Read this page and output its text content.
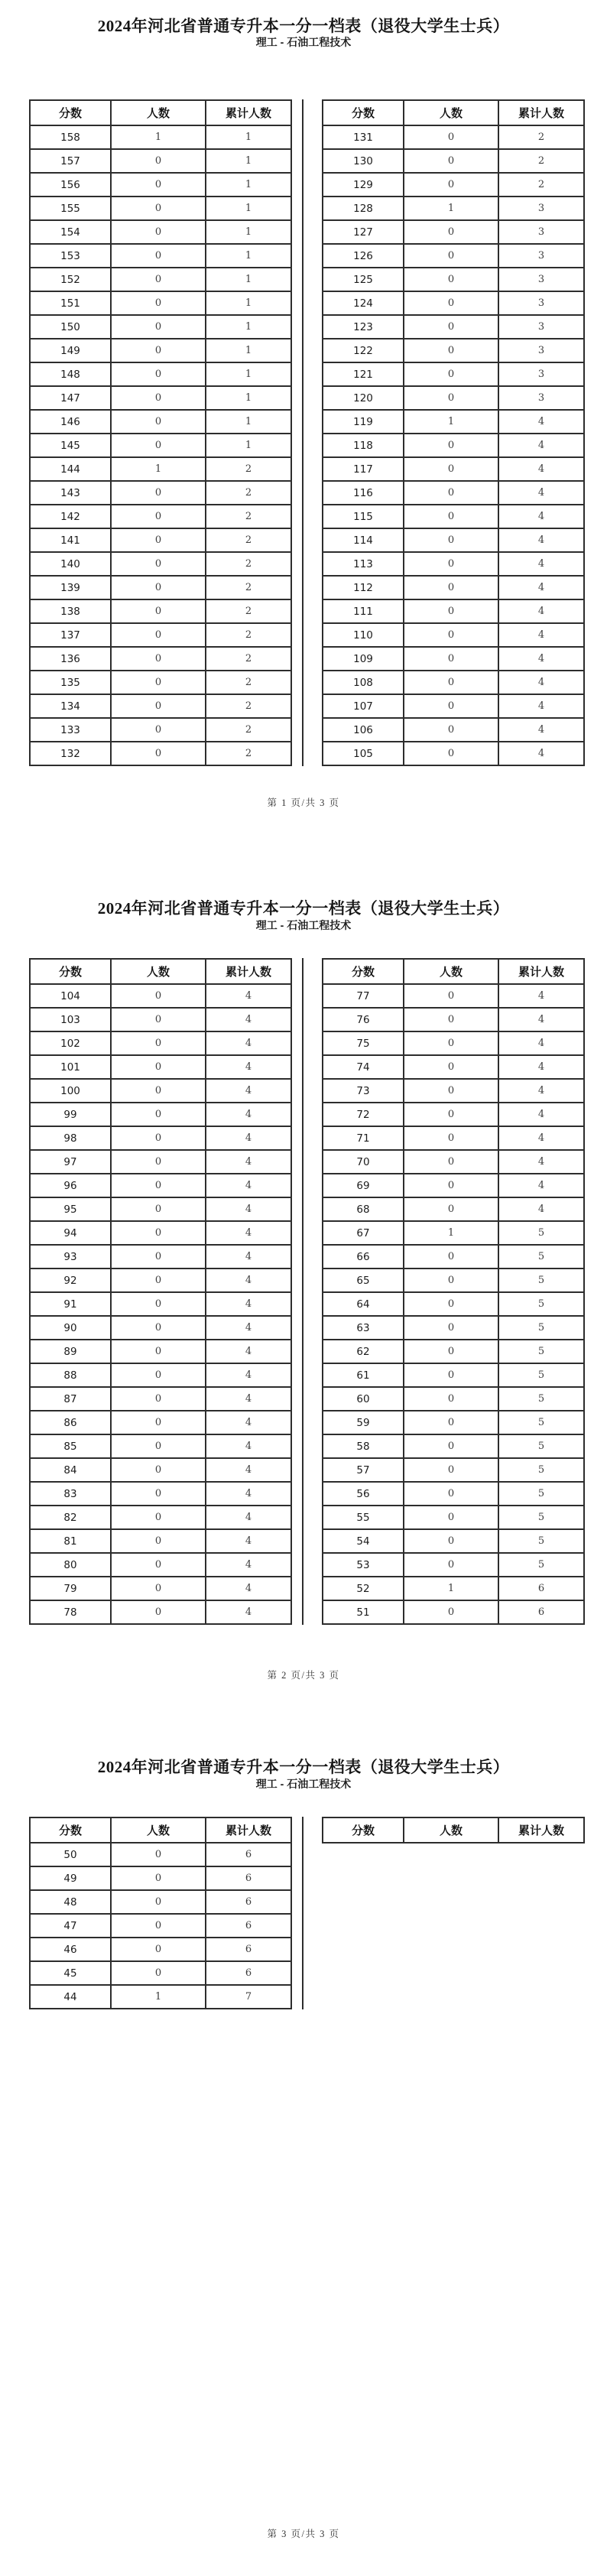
2024年河北省普通专升本一分一档表（退役大学生士兵）
理工 - 石油工程技术
分数	人数	累计人数
158	1	1
157	0	1
156	0	1
155	0	1
154	0	1
153	0	1
152	0	1
151	0	1
150	0	1
149	0	1
148	0	1
147	0	1
146	0	1
145	0	1
144	1	2
143	0	2
142	0	2
141	0	2
140	0	2
139	0	2
138	0	2
137	0	2
136	0	2
135	0	2
134	0	2
133	0	2
132	0	2
分数	人数	累计人数
131	0	2
130	0	2
129	0	2
128	1	3
127	0	3
126	0	3
125	0	3
124	0	3
123	0	3
122	0	3
121	0	3
120	0	3
119	1	4
118	0	4
117	0	4
116	0	4
115	0	4
114	0	4
113	0	4
112	0	4
111	0	4
110	0	4
109	0	4
108	0	4
107	0	4
106	0	4
105	0	4
第 1 页/共 3 页
2024年河北省普通专升本一分一档表（退役大学生士兵）
理工 - 石油工程技术
分数	人数	累计人数
104	0	4
103	0	4
102	0	4
101	0	4
100	0	4
99	0	4
98	0	4
97	0	4
96	0	4
95	0	4
94	0	4
93	0	4
92	0	4
91	0	4
90	0	4
89	0	4
88	0	4
87	0	4
86	0	4
85	0	4
84	0	4
83	0	4
82	0	4
81	0	4
80	0	4
79	0	4
78	0	4
分数	人数	累计人数
77	0	4
76	0	4
75	0	4
74	0	4
73	0	4
72	0	4
71	0	4
70	0	4
69	0	4
68	0	4
67	1	5
66	0	5
65	0	5
64	0	5
63	0	5
62	0	5
61	0	5
60	0	5
59	0	5
58	0	5
57	0	5
56	0	5
55	0	5
54	0	5
53	0	5
52	1	6
51	0	6
第 2 页/共 3 页
2024年河北省普通专升本一分一档表（退役大学生士兵）
理工 - 石油工程技术
分数	人数	累计人数
50	0	6
49	0	6
48	0	6
47	0	6
46	0	6
45	0	6
44	1	7
分数	人数	累计人数
第 3 页/共 3 页
